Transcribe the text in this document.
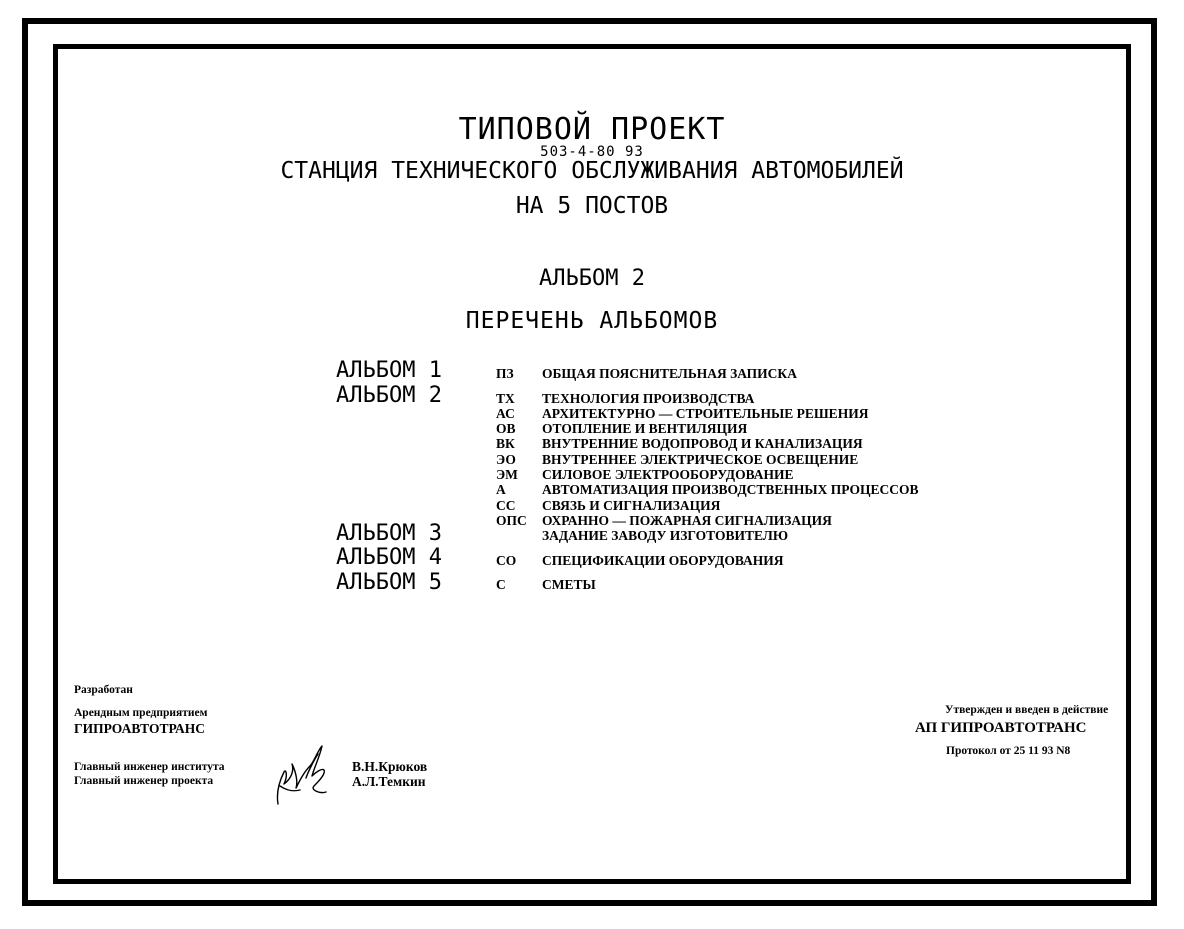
ТИПОВОЙ ПРОЕКТ
503-4-80 93
СТАНЦИЯ ТЕХНИЧЕСКОГО ОБСЛУЖИВАНИЯ АВТОМОБИЛЕЙ
НА 5 ПОСТОВ
АЛЬБОМ 2
ПЕРЕЧЕНЬ АЛЬБОМОВ
АЛЬБОМ 1
АЛЬБОМ 2
АЛЬБОМ 3
АЛЬБОМ 4
АЛЬБОМ 5
ПЗ ОБЩАЯ ПОЯСНИТЕЛЬНАЯ ЗАПИСКА
ТХ ТЕХНОЛОГИЯ ПРОИЗВОДСТВА
АС АРХИТЕКТУРНО — СТРОИТЕЛЬНЫЕ РЕШЕНИЯ
ОВ ОТОПЛЕНИЕ И ВЕНТИЛЯЦИЯ
ВК ВНУТРЕННИЕ ВОДОПРОВОД И КАНАЛИЗАЦИЯ
ЭО ВНУТРЕННЕЕ ЭЛЕКТРИЧЕСКОЕ ОСВЕЩЕНИЕ
ЭМ СИЛОВОЕ ЭЛЕКТРООБОРУДОВАНИЕ
А	АВТОМАТИЗАЦИЯ ПРОИЗВОДСТВЕННЫХ ПРОЦЕССОВ
СС СВЯЗЬ И СИГНАЛИЗАЦИЯ
ОПС ОХРАННО — ПОЖАРНАЯ СИГНАЛИЗАЦИЯ
ЗАДАНИЕ ЗАВОДУ ИЗГОТОВИТЕЛЮ
СО СПЕЦИФИКАЦИИ ОБОРУДОВАНИЯ
С	СМЕТЫ
Разработан
Арендным предприятием
ГИПРОАВТОТРАНС
Главный инженер института
Главный инженер проекта
В.Н.Крюков
А.Л.Темкин
Утвержден и введен в действие
АП ГИПРОАВТОТРАНС
Протокол от 25 11 93 N8
